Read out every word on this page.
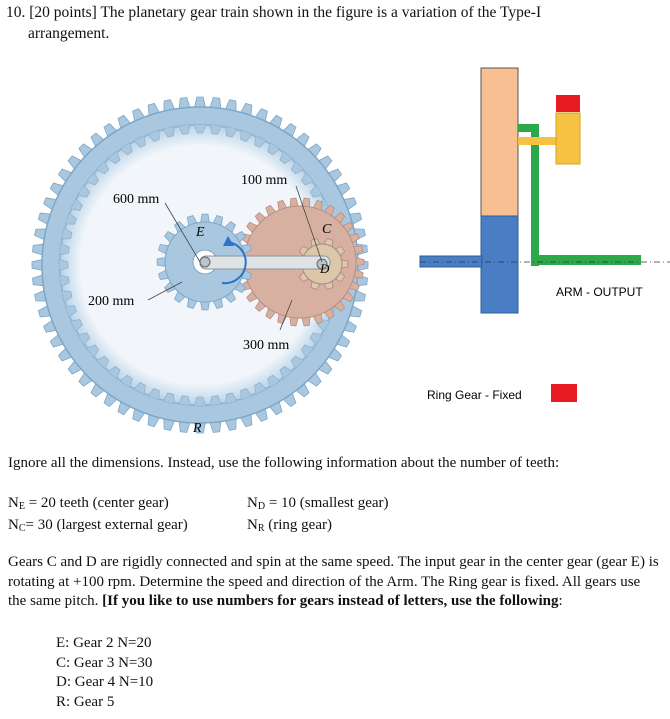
10. [20 points] The planetary gear train shown in the figure is a variation of the Type-I
arrangement.
600 mm
100 mm
200 mm
300 mm
E	C
D
R
ARM - OUTPUT
Ring Gear - Fixed
Ignore all the dimensions. Instead, use the following information about the number of teeth:
$N_E = 20$ teeth (center gear)
$N_C= 30$ (largest external gear)
$N_D = 10$ (smallest gear)
$N_R$ (ring gear)
Gears C and D are rigidly connected and spin at the same speed. The input gear in the center gear (gear E) is rotating at +100 rpm. Determine the speed and direction of the Arm. The Ring gear is fixed. All gears use the same pitch. [If you like to use numbers for gears instead of letters, use the following:
E: Gear 2 N=20
C: Gear 3 N=30
D: Gear 4 N=10
R: Gear 5
